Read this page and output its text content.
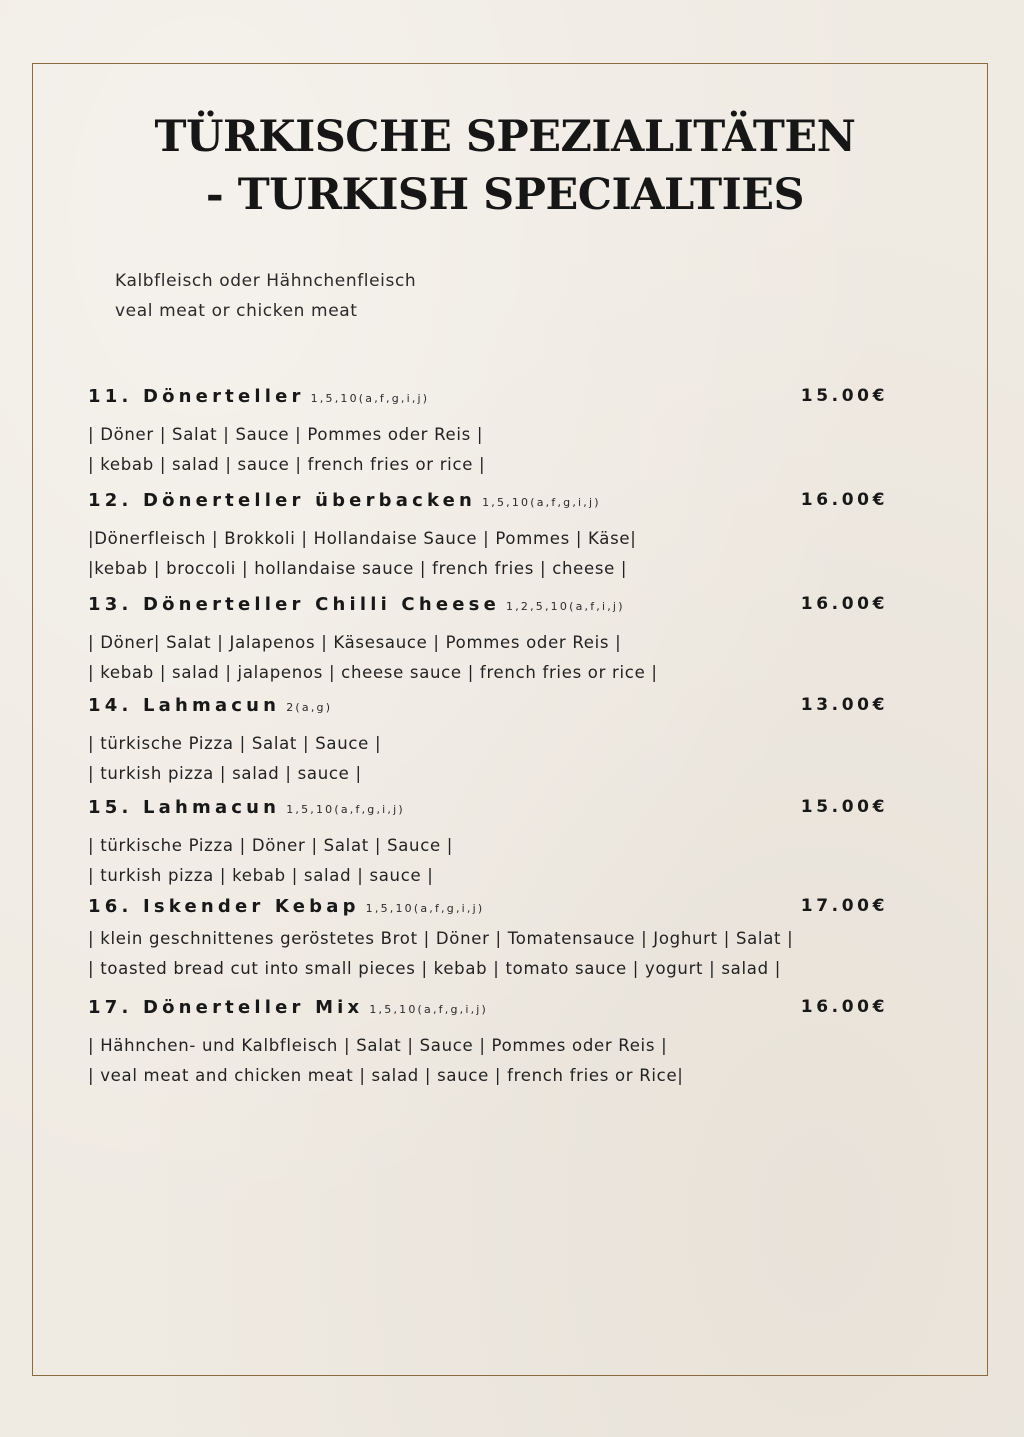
TÜRKISCHE SPEZIALITÄTEN
- TURKISH SPECIALTIES
Kalbfleisch oder Hähnchenfleisch
veal meat or chicken meat
11. Dönerteller 1,5,10(a,f,g,i,j)	15.00€
| Döner | Salat | Sauce | Pommes oder Reis |
| kebab | salad | sauce | french fries or rice |
12. Dönerteller überbacken 1,5,10(a,f,g,i,j)	16.00€
|Dönerfleisch | Brokkoli | Hollandaise Sauce | Pommes | Käse|
|kebab | broccoli | hollandaise sauce | french fries | cheese |
13. Dönerteller Chilli Cheese 1,2,5,10(a,f,i,j)	16.00€
| Döner| Salat | Jalapenos | Käsesauce | Pommes oder Reis |
| kebab | salad | jalapenos | cheese sauce | french fries or rice |
14. Lahmacun 2(a,g)	13.00€
| türkische Pizza | Salat | Sauce |
| turkish pizza | salad | sauce |
15. Lahmacun 1,5,10(a,f,g,i,j)	15.00€
| türkische Pizza | Döner | Salat | Sauce |
| turkish pizza | kebab | salad | sauce |
16. Iskender Kebap 1,5,10(a,f,g,i,j)	17.00€
| klein geschnittenes geröstetes Brot | Döner | Tomatensauce | Joghurt | Salat |
| toasted bread cut into small pieces | kebab | tomato sauce | yogurt | salad |
17. Dönerteller Mix 1,5,10(a,f,g,i,j)	16.00€
| Hähnchen- und Kalbfleisch | Salat | Sauce | Pommes oder Reis |
| veal meat and chicken meat | salad | sauce | french fries or Rice|
